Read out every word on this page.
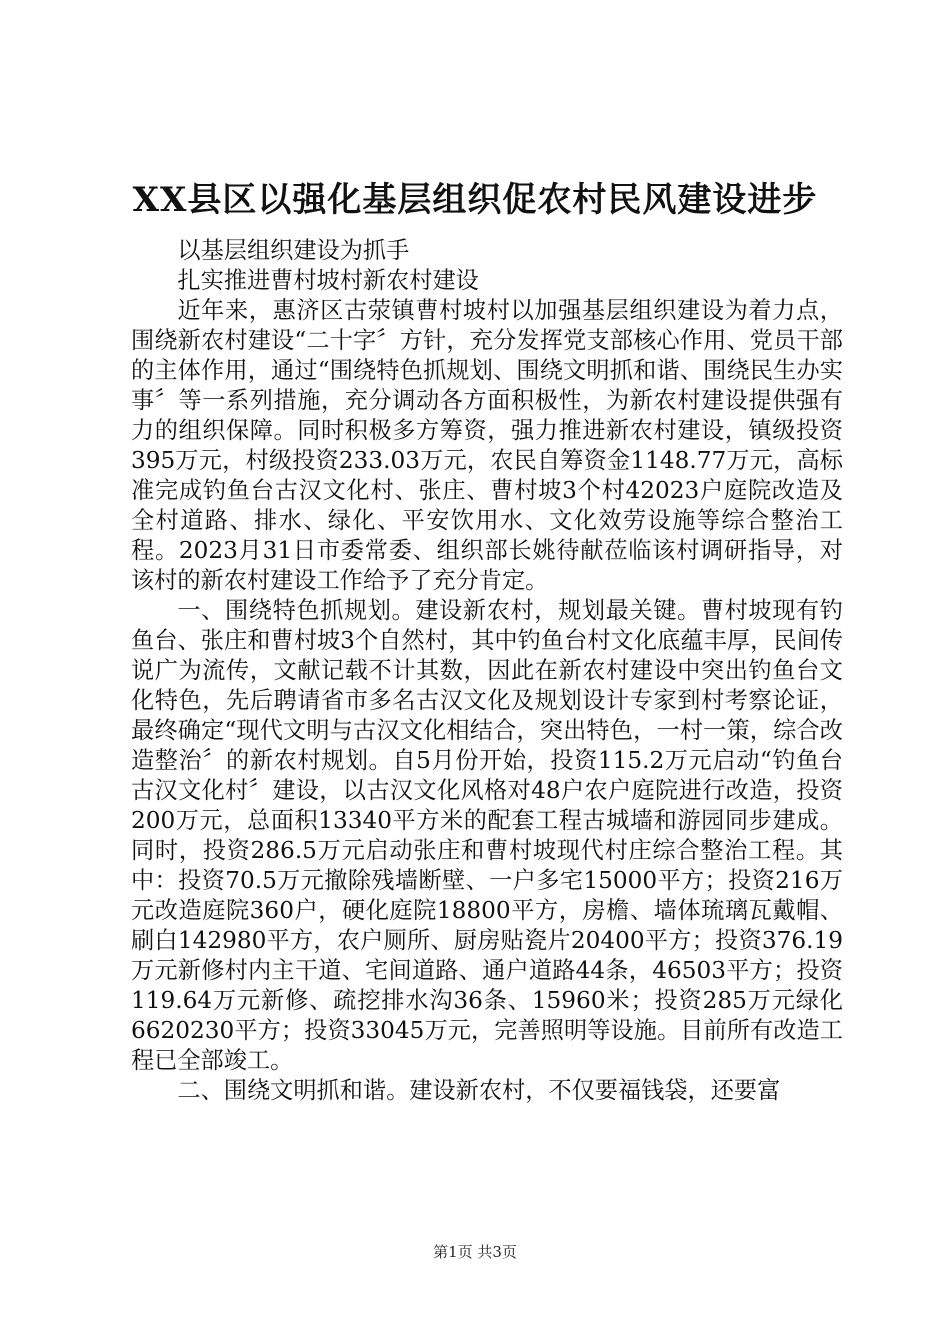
XX县区以强化基层组织促农村民风建设进步

以基层组织建设为抓手

扎实推进曹村坡村新农村建设

近年来，惠济区古荥镇曹村坡村以加强基层组织建设为着力点，围绕新农村建设“二十字〞方针，充分发挥党支部核心作用、党员干部的主体作用，通过“围绕特色抓规划、围绕文明抓和谐、围绕民生办实事〞等一系列措施，充分调动各方面积极性，为新农村建设提供强有力的组织保障。同时积极多方筹资，强力推进新农村建设，镇级投资395万元，村级投资233.03万元，农民自筹资金1148.77万元，高标准完成钓鱼台古汉文化村、张庄、曹村坡3个村42023户庭院改造及全村道路、排水、绿化、平安饮用水、文化效劳设施等综合整治工程。2023月31日市委常委、组织部长姚待献莅临该村调研指导，对该村的新农村建设工作给予了充分肯定。

一、围绕特色抓规划。建设新农村，规划最关键。曹村坡现有钓鱼台、张庄和曹村坡3个自然村，其中钓鱼台村文化底蕴丰厚，民间传说广为流传，文献记载不计其数，因此在新农村建设中突出钓鱼台文化特色，先后聘请省市多名古汉文化及规划设计专家到村考察论证，最终确定“现代文明与古汉文化相结合，突出特色，一村一策，综合改造整治〞的新农村规划。自5月份开始，投资115.2万元启动“钓鱼台古汉文化村〞建设，以古汉文化风格对48户农户庭院进行改造，投资200万元，总面积13340平方米的配套工程古城墙和游园同步建成。同时，投资286.5万元启动张庄和曹村坡现代村庄综合整治工程。其中：投资70.5万元撤除残墙断壁、一户多宅15000平方；投资216万元改造庭院360户，硬化庭院18800平方，房檐、墙体琉璃瓦戴帽、刷白142980平方，农户厕所、厨房贴瓷片20400平方；投资376.19万元新修村内主干道、宅间道路、通户道路44条，46503平方；投资119.64万元新修、疏挖排水沟36条、15960米；投资285万元绿化6620230平方；投资33045万元，完善照明等设施。目前所有改造工程已全部竣工。

二、围绕文明抓和谐。建设新农村，不仅要福钱袋，还要富

第1页 共3页
